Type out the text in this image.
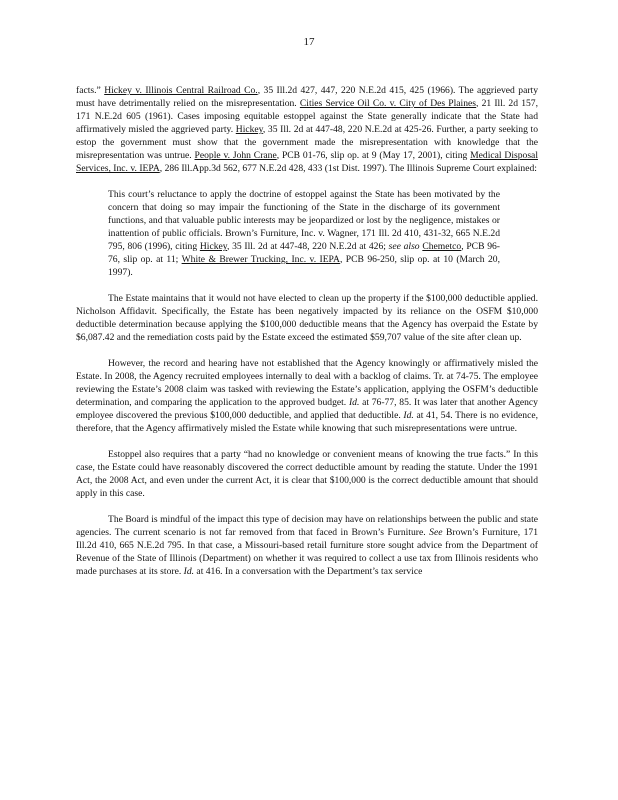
17

facts.” Hickey v. Illinois Central Railroad Co., 35 Ill.2d 427, 447, 220 N.E.2d 415, 425 (1966). The aggrieved party must have detrimentally relied on the misrepresentation. Cities Service Oil Co. v. City of Des Plaines, 21 Ill. 2d 157, 171 N.E.2d 605 (1961). Cases imposing equitable estoppel against the State generally indicate that the State had affirmatively misled the aggrieved party. Hickey, 35 Ill. 2d at 447-48, 220 N.E.2d at 425-26. Further, a party seeking to estop the government must show that the government made the misrepresentation with knowledge that the misrepresentation was untrue. People v. John Crane, PCB 01-76, slip op. at 9 (May 17, 2001), citing Medical Disposal Services, Inc. v. IEPA, 286 Ill.App.3d 562, 677 N.E.2d 428, 433 (1st Dist. 1997). The Illinois Supreme Court explained:

This court’s reluctance to apply the doctrine of estoppel against the State has been motivated by the concern that doing so may impair the functioning of the State in the discharge of its government functions, and that valuable public interests may be jeopardized or lost by the negligence, mistakes or inattention of public officials. Brown’s Furniture, Inc. v. Wagner, 171 Ill. 2d 410, 431-32, 665 N.E.2d 795, 806 (1996), citing Hickey, 35 Ill. 2d at 447-48, 220 N.E.2d at 426; see also Chemetco, PCB 96-76, slip op. at 11; White & Brewer Trucking, Inc. v. IEPA, PCB 96-250, slip op. at 10 (March 20, 1997).

The Estate maintains that it would not have elected to clean up the property if the $100,000 deductible applied. Nicholson Affidavit. Specifically, the Estate has been negatively impacted by its reliance on the OSFM $10,000 deductible determination because applying the $100,000 deductible means that the Agency has overpaid the Estate by $6,087.42 and the remediation costs paid by the Estate exceed the estimated $59,707 value of the site after clean up.

However, the record and hearing have not established that the Agency knowingly or affirmatively misled the Estate. In 2008, the Agency recruited employees internally to deal with a backlog of claims. Tr. at 74-75. The employee reviewing the Estate’s 2008 claim was tasked with reviewing the Estate’s application, applying the OSFM’s deductible determination, and comparing the application to the approved budget. Id. at 76-77, 85. It was later that another Agency employee discovered the previous $100,000 deductible, and applied that deductible. Id. at 41, 54. There is no evidence, therefore, that the Agency affirmatively misled the Estate while knowing that such misrepresentations were untrue.

Estoppel also requires that a party “had no knowledge or convenient means of knowing the true facts.” In this case, the Estate could have reasonably discovered the correct deductible amount by reading the statute. Under the 1991 Act, the 2008 Act, and even under the current Act, it is clear that $100,000 is the correct deductible amount that should apply in this case.

The Board is mindful of the impact this type of decision may have on relationships between the public and state agencies. The current scenario is not far removed from that faced in Brown’s Furniture. See Brown’s Furniture, 171 Ill.2d 410, 665 N.E.2d 795. In that case, a Missouri-based retail furniture store sought advice from the Department of Revenue of the State of Illinois (Department) on whether it was required to collect a use tax from Illinois residents who made purchases at its store. Id. at 416. In a conversation with the Department’s tax service
